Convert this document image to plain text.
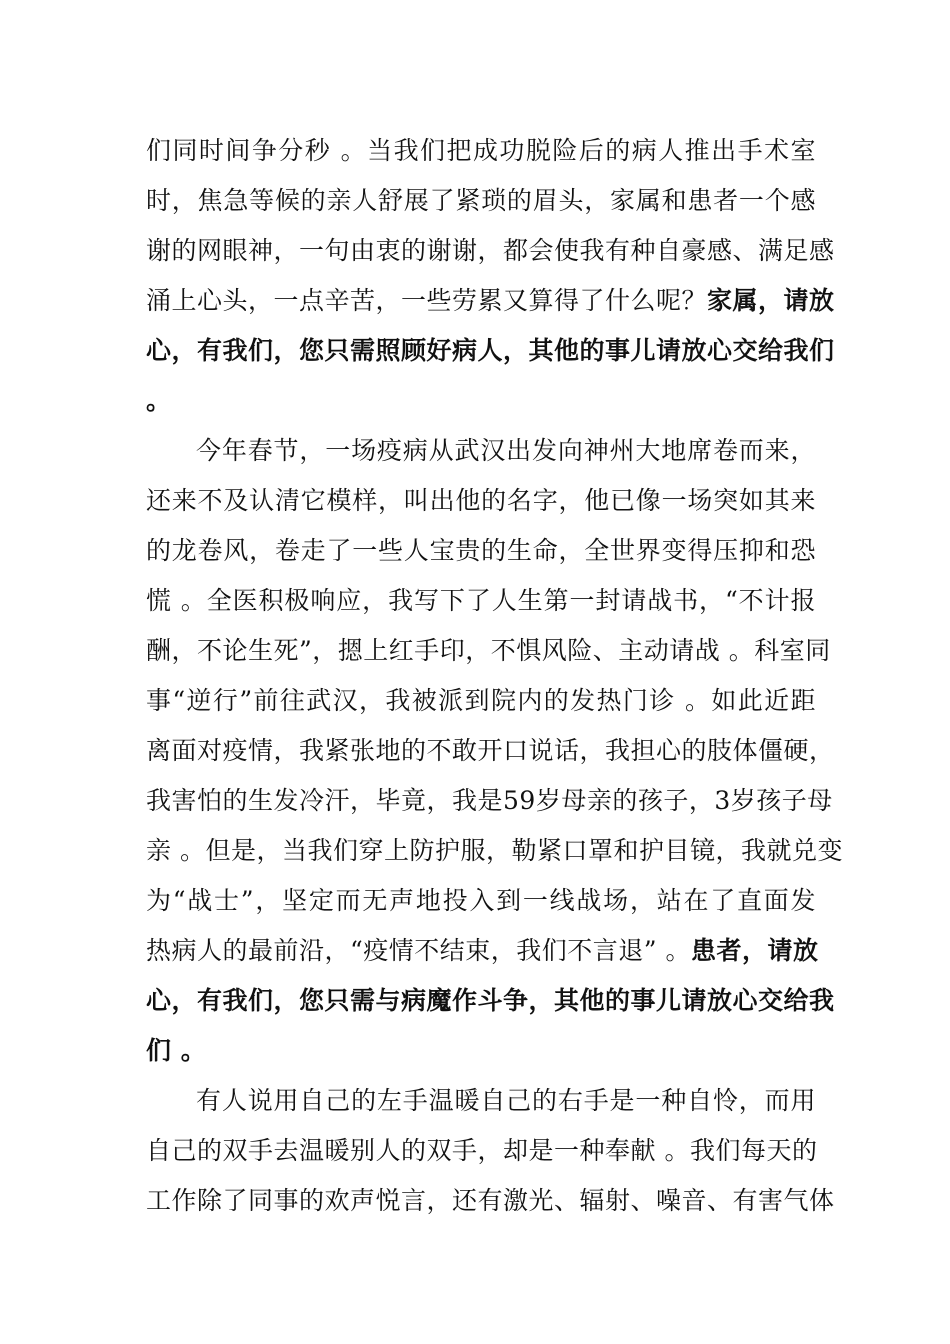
们同时间争分秒 。当我们把成功脱险后的病人推出手术室
时，焦急等候的亲人舒展了紧琐的眉头，家属和患者一个感
谢的网眼神，一句由衷的谢谢，都会使我有种自豪感、满足感
涌上心头，一点辛苦，一些劳累又算得了什么呢？家属，请放
心，有我们，您只需照顾好病人，其他的事儿请放心交给我们
。
今年春节，一场疫病从武汉出发向神州大地席卷而来，
还来不及认清它模样，叫出他的名字，他已像一场突如其来
的龙卷风，卷走了一些人宝贵的生命，全世界变得压抑和恐
慌 。全医积极响应，我写下了人生第一封请战书，“不计报
酬，不论生死”，摁上红手印，不惧风险、主动请战 。科室同
事“逆行”前往武汉，我被派到院内的发热门诊 。如此近距
离面对疫情，我紧张地的不敢开口说话，我担心的肢体僵硬，
我害怕的生发冷汗，毕竟，我是59岁母亲的孩子，3岁孩子母
亲 。但是，当我们穿上防护服，勒紧口罩和护目镜，我就兑变
为“战士”，坚定而无声地投入到一线战场，站在了直面发
热病人的最前沿，“疫情不结束，我们不言退” 。患者，请放
心，有我们，您只需与病魔作斗争，其他的事儿请放心交给我
们 。
有人说用自己的左手温暖自己的右手是一种自怜，而用
自己的双手去温暖别人的双手，却是一种奉献 。我们每天的
工作除了同事的欢声悦言，还有激光、辐射、噪音、有害气体
